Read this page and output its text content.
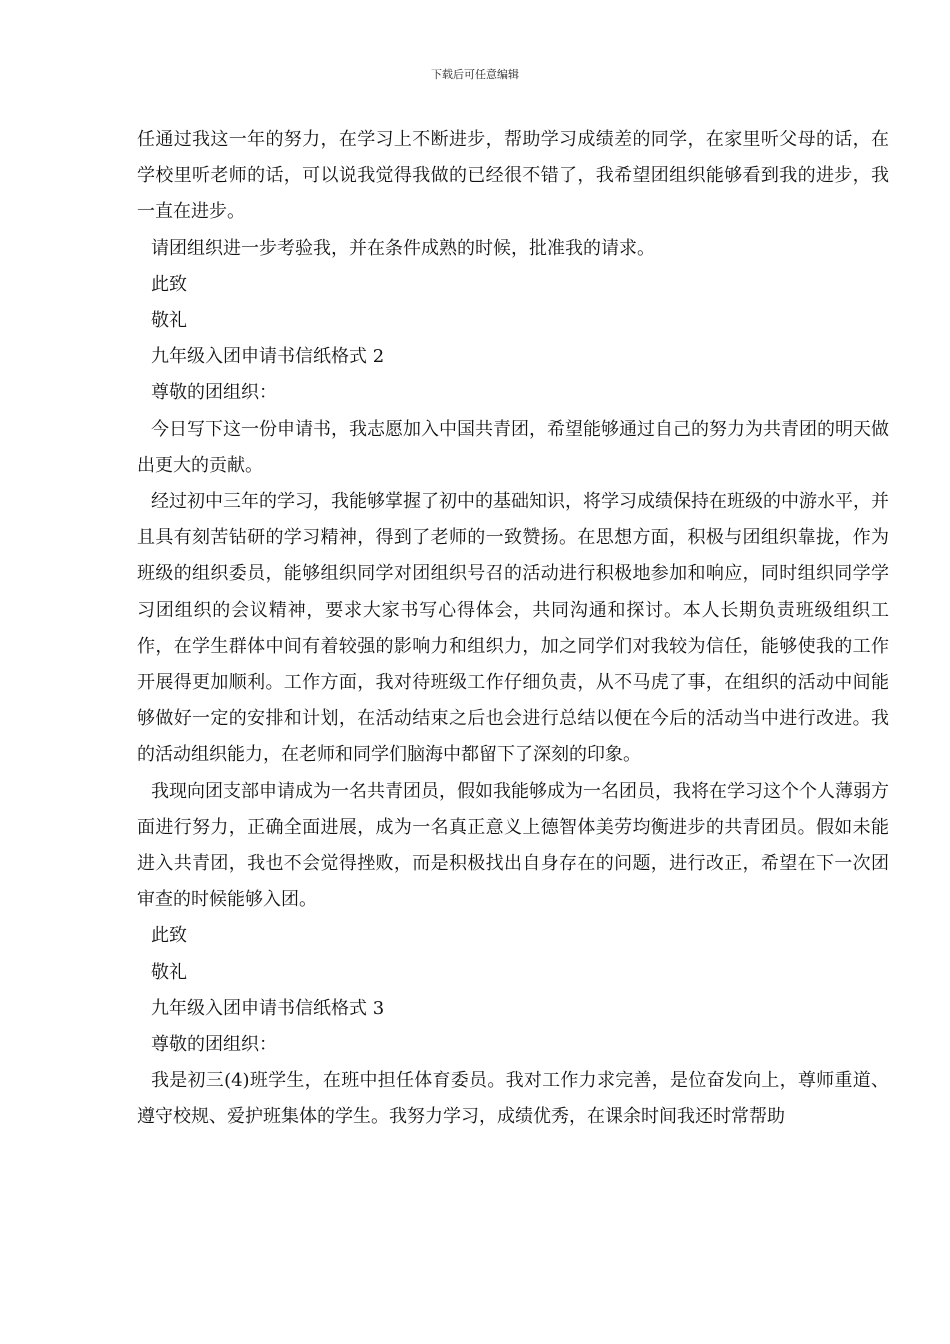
下载后可任意编辑

任通过我这一年的努力，在学习上不断进步，帮助学习成绩差的同学，在家里听父母的话，在学校里听老师的话，可以说我觉得我做的已经很不错了，我希望团组织能够看到我的进步，我一直在进步。

请团组织进一步考验我，并在条件成熟的时候，批准我的请求。

此致

敬礼

九年级入团申请书信纸格式 2

尊敬的团组织：

今日写下这一份申请书，我志愿加入中国共青团，希望能够通过自己的努力为共青团的明天做出更大的贡献。

经过初中三年的学习，我能够掌握了初中的基础知识，将学习成绩保持在班级的中游水平，并且具有刻苦钻研的学习精神，得到了老师的一致赞扬。在思想方面，积极与团组织靠拢，作为班级的组织委员，能够组织同学对团组织号召的活动进行积极地参加和响应，同时组织同学学习团组织的会议精神，要求大家书写心得体会，共同沟通和探讨。本人长期负责班级组织工作，在学生群体中间有着较强的影响力和组织力，加之同学们对我较为信任，能够使我的工作开展得更加顺利。工作方面，我对待班级工作仔细负责，从不马虎了事，在组织的活动中间能够做好一定的安排和计划，在活动结束之后也会进行总结以便在今后的活动当中进行改进。我的活动组织能力，在老师和同学们脑海中都留下了深刻的印象。

我现向团支部申请成为一名共青团员，假如我能够成为一名团员，我将在学习这个个人薄弱方面进行努力，正确全面进展，成为一名真正意义上德智体美劳均衡进步的共青团员。假如未能进入共青团，我也不会觉得挫败，而是积极找出自身存在的问题，进行改正，希望在下一次团审查的时候能够入团。

此致

敬礼

九年级入团申请书信纸格式 3

尊敬的团组织：

我是初三(4)班学生，在班中担任体育委员。我对工作力求完善，是位奋发向上，尊师重道、遵守校规、爱护班集体的学生。我努力学习，成绩优秀，在课余时间我还时常帮助
